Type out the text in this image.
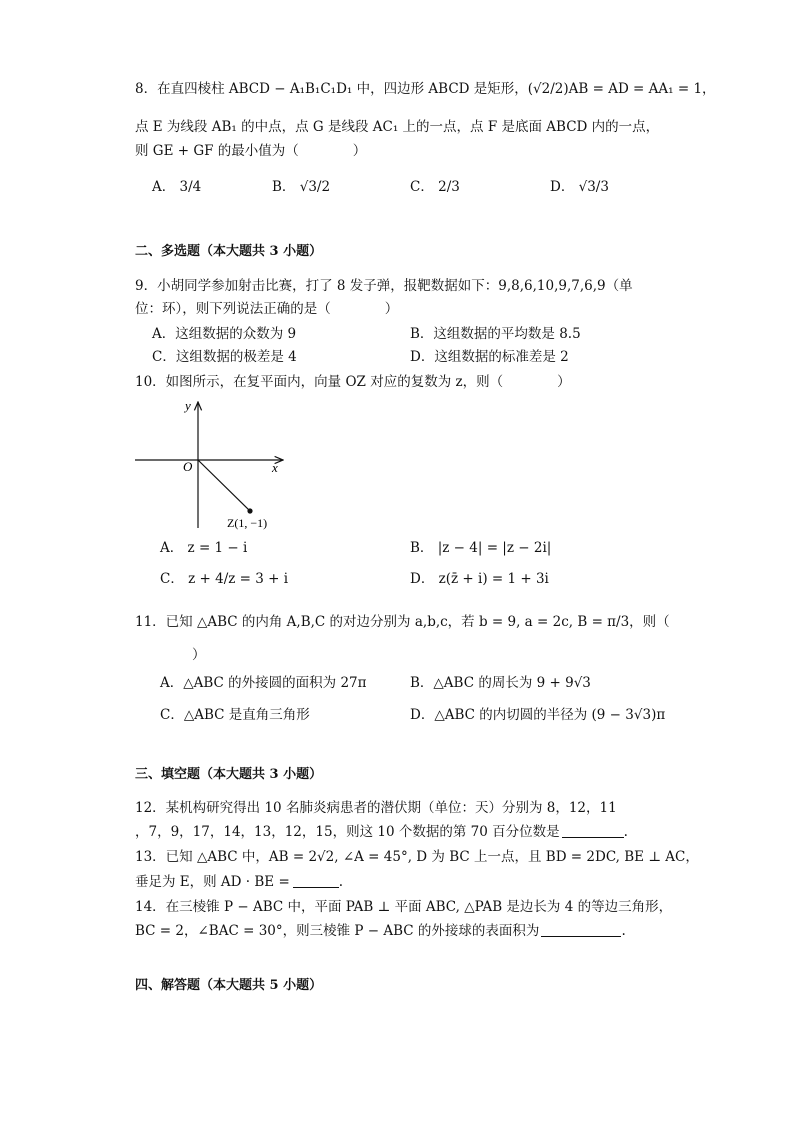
8．在直四棱柱 ABCD − A₁B₁C₁D₁ 中，四边形 ABCD 是矩形，(√2/2)AB = AD = AA₁ = 1，
点 E 为线段 AB₁ 的中点，点 G 是线段 AC₁ 上的一点，点 F 是底面 ABCD 内的一点，
则 GE + GF 的最小值为（　　　　）
A． 3/4	B． √3/2	C． 2/3	D． √3/3
二、多选题（本大题共 3 小题）
9．小胡同学参加射击比赛，打了 8 发子弹，报靶数据如下：9,8,6,10,9,7,6,9（单
位：环），则下列说法正确的是（　　　　）
A．这组数据的众数为 9	B．这组数据的平均数是 8.5
C．这组数据的极差是 4	D．这组数据的标准差是 2
10．如图所示，在复平面内，向量 OZ 对应的复数为 z，则（　　　　）
y
x
O
Z(1, −1)
A． z = 1 − i	B． |z − 4| = |z − 2i|
C． z + 4/z = 3 + i	D． z(z̄ + i) = 1 + 3i
11．已知 △ABC 的内角 A,B,C 的对边分别为 a,b,c，若 b = 9, a = 2c, B = π/3，则（
　　）
A．△ABC 的外接圆的面积为 27π	B．△ABC 的周长为 9 + 9√3
C．△ABC 是直角三角形	D．△ABC 的内切圆的半径为 (9 − 3√3)π
三、填空题（本大题共 3 小题）
12．某机构研究得出 10 名肺炎病患者的潜伏期（单位：天）分别为 8，12，11
，7，9，17，14，13，12，15，则这 10 个数据的第 70 百分位数是	.
13．已知 △ABC 中，AB = 2√2, ∠A = 45°, D 为 BC 上一点，且 BD = 2DC, BE ⊥ AC，
垂足为 E，则 AD · BE =	.
14．在三棱锥 P − ABC 中，平面 PAB ⊥ 平面 ABC, △PAB 是边长为 4 的等边三角形，
BC = 2，∠BAC = 30°，则三棱锥 P − ABC 的外接球的表面积为	.
四、解答题（本大题共 5 小题）
